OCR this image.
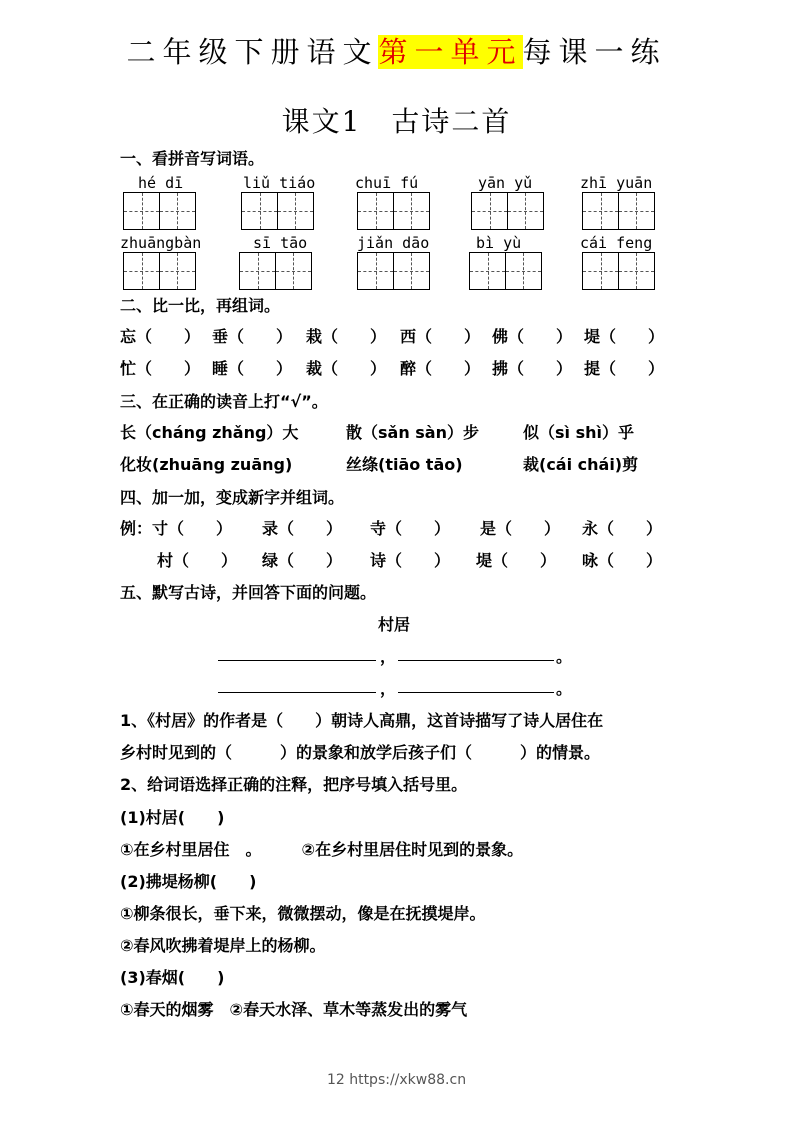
二年级下册语文第一单元每课一练
课文1　古诗二首
一、看拼音写词语。
hé dī	liǔ tiáo	chuī fú	yān yǔ	zhī yuān
zhuāngbàn	sī tāo	jiǎn dāo	bì yù	cái feng
二、比一比，再组词。
忘（　　） 垂（　　） 栽（　　） 西（　　） 佛（　　） 堤（　　）
忙（　　） 睡（　　） 裁（　　） 醉（　　） 拂（　　） 提（　　）
三、在正确的读音上打“√”。
长（cháng zhǎng）大	散（sǎn sàn）步	似（sì shì）乎
化妆(zhuāng zuāng)	丝绦(tiāo tāo)	裁(cái chái)剪
四、加一加，变成新字并组词。
例：寸（　　） 录（　　） 寺（　　） 是（　　） 永（　　）
村（　　） 绿（　　） 诗（　　） 堤（　　） 咏（　　）
五、默写古诗，并回答下面的问题。
村居
，	。
，	。
1、《村居》的作者是（　　）朝诗人高鼎，这首诗描写了诗人居住在
乡村时见到的（　　　）的景象和放学后孩子们（　　　）的情景。
2、给词语选择正确的注释，把序号填入括号里。
(1)村居(　　)
①在乡村里居住　。　　　②在乡村里居住时见到的景象。
(2)拂堤杨柳(　　)
①柳条很长，垂下来，微微摆动，像是在抚摸堤岸。
②春风吹拂着堤岸上的杨柳。
(3)春烟(　　)
①春天的烟雾　②春天水泽、草木等蒸发出的雾气
12 https://xkw88.cn
